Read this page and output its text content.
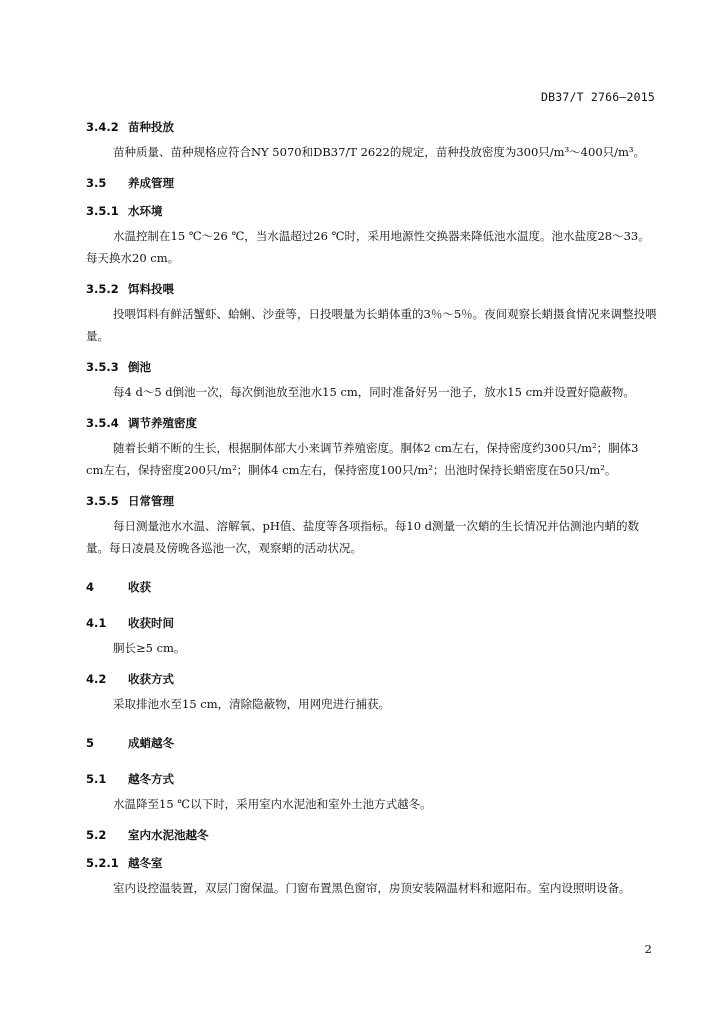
DB37/T 2766—2015
3.4.2 苗种投放

苗种质量、苗种规格应符合NY 5070和DB37/T 2622的规定，苗种投放密度为300只/m³～400只/m³。

3.5 养成管理
3.5.1 水环境

水温控制在15 ℃～26 ℃，当水温超过26 ℃时，采用地源性交换器来降低池水温度。池水盐度28～33。每天换水20 cm。

3.5.2 饵料投喂

投喂饵料有鲜活蟹虾、蛤蜊、沙蚕等，日投喂量为长蛸体重的3％～5％。夜间观察长蛸摄食情况来调整投喂量。

3.5.3 倒池

每4 d～5 d倒池一次，每次倒池放至池水15 cm，同时准备好另一池子，放水15 cm并设置好隐蔽物。

3.5.4 调节养殖密度

随着长蛸不断的生长，根据胴体部大小来调节养殖密度。胴体2 cm左右，保持密度约300只/m²；胴体3 cm左右，保持密度200只/m²；胴体4 cm左右，保持密度100只/m²；出池时保持长蛸密度在50只/m²。

3.5.5 日常管理

每日测量池水水温、溶解氧、pH值、盐度等各项指标。每10 d测量一次蛸的生长情况并估测池内蛸的数量。每日凌晨及傍晚各巡池一次，观察蛸的活动状况。

4	收获
4.1 收获时间

胴长≥5 cm。

4.2 收获方式

采取排池水至15 cm，清除隐蔽物，用网兜进行捕获。

5	成蛸越冬
5.1 越冬方式

水温降至15 ℃以下时，采用室内水泥池和室外土池方式越冬。

5.2 室内水泥池越冬
5.2.1 越冬室

室内设控温装置，双层门窗保温。门窗布置黑色窗帘，房顶安装隔温材料和遮阳布。室内设照明设备。

2
